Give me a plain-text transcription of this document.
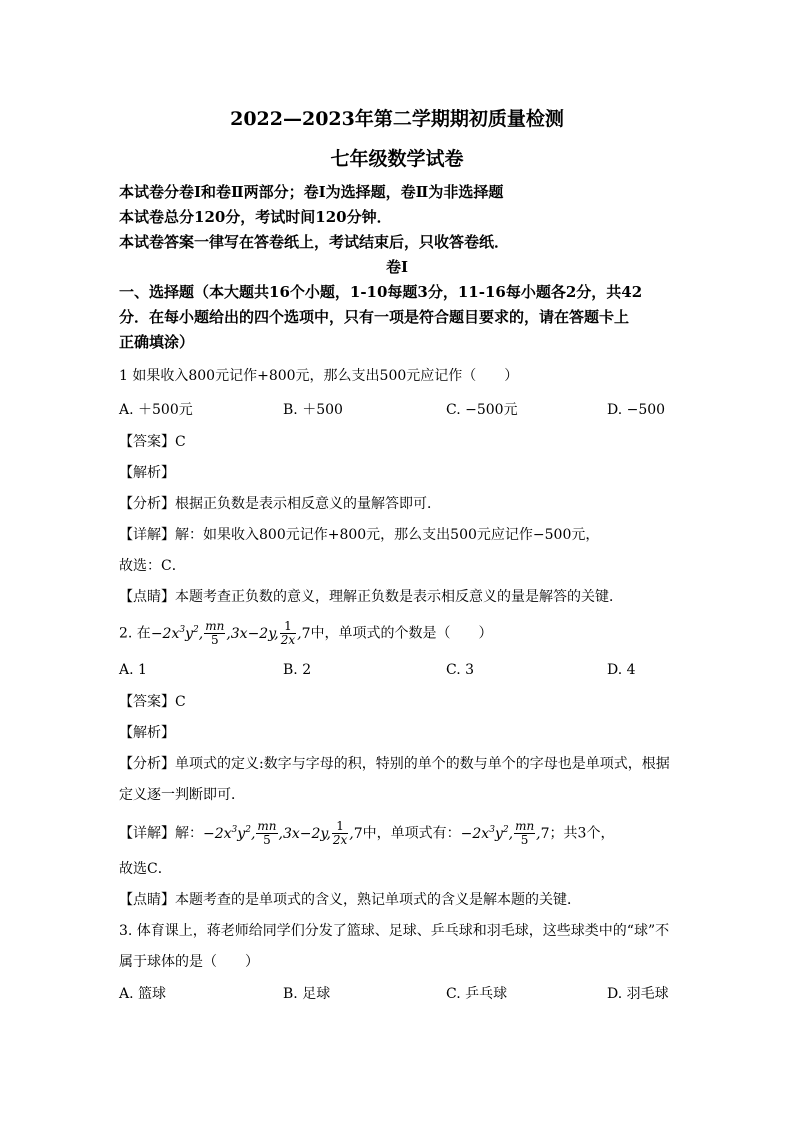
2022—2023年第二学期期初质量检测
七年级数学试卷
本试卷分卷Ⅰ和卷Ⅱ两部分；卷Ⅰ为选择题，卷Ⅱ为非选择题
本试卷总分120分，考试时间120分钟．
本试卷答案一律写在答卷纸上，考试结束后，只收答卷纸．
卷Ⅰ
一、选择题（本大题共16个小题，1-10每题3分，11-16每小题各2分，共42
分．在每小题给出的四个选项中，只有一项是符合题目要求的，请在答题卡上
正确填涂）
1 如果收入800元记作+800元，那么支出500元应记作（　　）
A. ＋500元	B. ＋500	C. −500元	D. −500
【答案】C
【解析】
【分析】根据正负数是表示相反意义的量解答即可．
【详解】解：如果收入800元记作+800元，那么支出500元应记作−500元，
故选：C．
【点睛】本题考查正负数的意义，理解正负数是表示相反意义的量是解答的关键．
2. 在$-2x^3y^2$, $\frac{mn}{5} ,3x-2y$, $\frac{1}{2x} ,7$中，单项式的个数是（　　）
A. 1	B. 2	C. 3	D. 4
【答案】C
【解析】
【分析】单项式的定义:数字与字母的积，特别的单个的数与单个的字母也是单项式，根据
定义逐一判断即可．
【详解】解：$-2x^3y^2$, $\frac{mn}{5} ,3x-2y$, $\frac{1}{2x} ,7$中，单项式有：$-2x^3y^2$, $\frac{mn}{5} ,7$；共3个，
故选C．
【点睛】本题考查的是单项式的含义，熟记单项式的含义是解本题的关键．
3. 体育课上，蒋老师给同学们分发了篮球、足球、乒乓球和羽毛球，这些球类中的“球”不
属于球体的是（　　）
A. 篮球	B. 足球	C. 乒乓球	D. 羽毛球
